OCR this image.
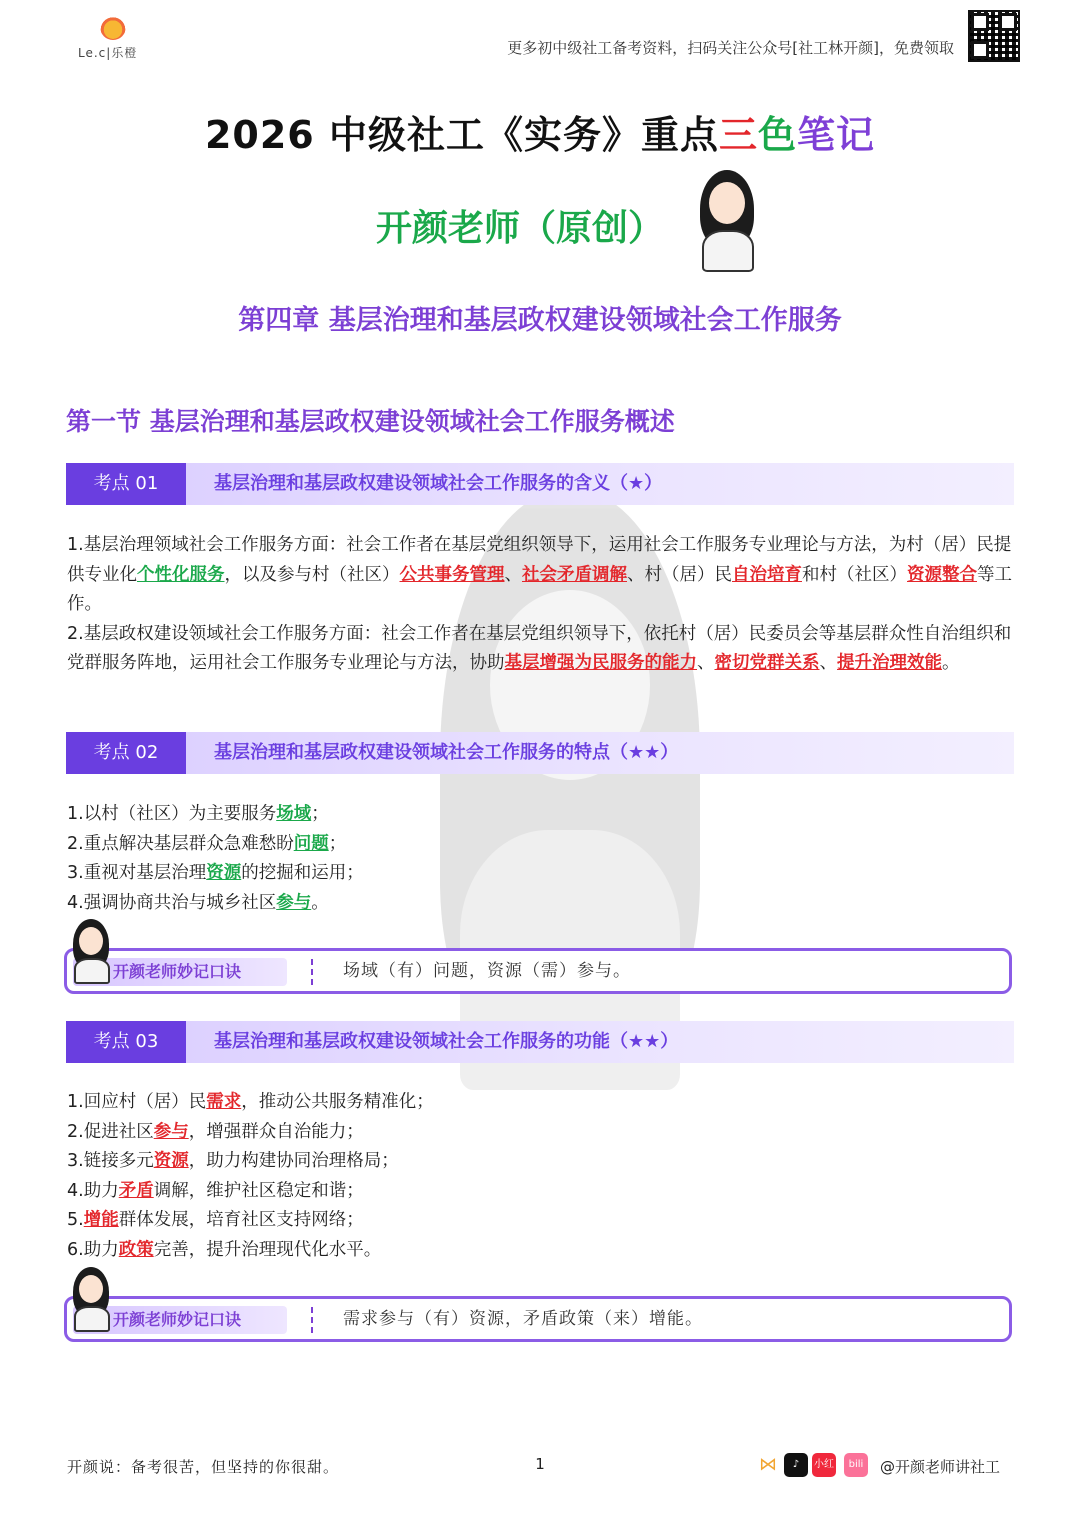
Le.c|乐橙	更多初中级社工备考资料，扫码关注公众号[社工林开颜]，免费领取
2026 中级社工《实务》重点三色笔记
开颜老师（原创）
第四章 基层治理和基层政权建设领域社会工作服务
第一节 基层治理和基层政权建设领域社会工作服务概述
考点 01	基层治理和基层政权建设领域社会工作服务的含义（★）

1.基层治理领域社会工作服务方面：社会工作者在基层党组织领导下，运用社会工作服务专业理论与方法，为村（居）民提供专业化个性化服务，以及参与村（社区）公共事务管理、社会矛盾调解、村（居）民自治培育和村（社区）资源整合等工作。

2.基层政权建设领域社会工作服务方面：社会工作者在基层党组织领导下，依托村（居）民委员会等基层群众性自治组织和党群服务阵地，运用社会工作服务专业理论与方法，协助基层增强为民服务的能力、密切党群关系、提升治理效能。

考点 02	基层治理和基层政权建设领域社会工作服务的特点（★★）

1.以村（社区）为主要服务场域；

2.重点解决基层群众急难愁盼问题；

3.重视对基层治理资源的挖掘和运用；

4.强调协商共治与城乡社区参与。

开颜老师妙记口诀	场域（有）问题，资源（需）参与。
考点 03	基层治理和基层政权建设领域社会工作服务的功能（★★）

1.回应村（居）民需求，推动公共服务精准化；

2.促进社区参与，增强群众自治能力；

3.链接多元资源，助力构建协同治理格局；

4.助力矛盾调解，维护社区稳定和谐；

5.增能群体发展，培育社区支持网络；

6.助力政策完善，提升治理现代化水平。

开颜老师妙记口诀	需求参与（有）资源，矛盾政策（来）增能。
开颜说：备考很苦，但坚持的你很甜。	1	⋈	♪	小红书
bili	@开颜老师讲社工
